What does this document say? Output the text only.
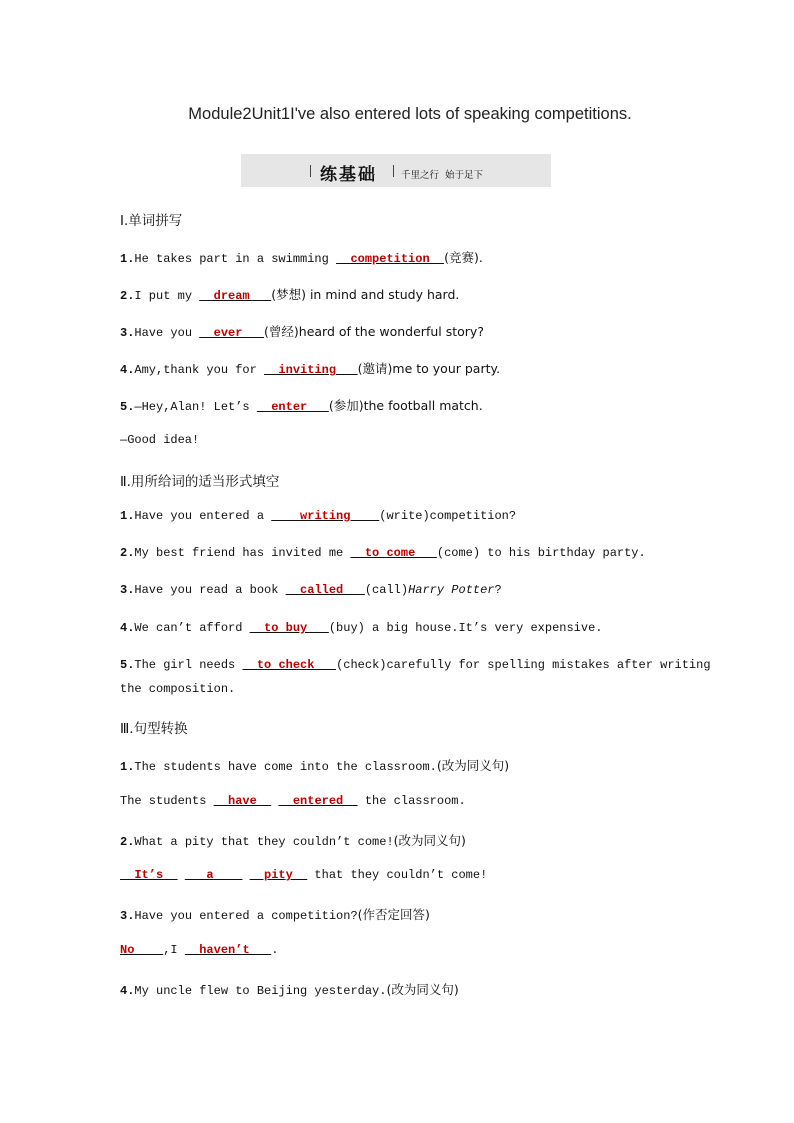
Module2Unit1I've also entered lots of speaking competitions.
练基础	千里之行  始于足下
Ⅰ.单词拼写
1.He takes part in a swimming   competition  (竞赛).
2.I put my   dream   (梦想) in mind and study hard.
3.Have you   ever   (曾经)heard of the wonderful story?
4.Amy,thank you for   inviting   (邀请)me to your party.
5.—Hey,Alan! Let’s   enter   (参加)the football match.
—Good idea!
Ⅱ.用所给词的适当形式填空
1.Have you entered a     writing    (write)competition?
2.My best friend has invited me   to come   (come) to his birthday party.
3.Have you read a book   called   (call)Harry Potter?
4.We can’t afford   to buy   (buy) a big house.It’s very expensive.
5.The girl needs   to check   (check)carefully for spelling mistakes after writing
the composition.
Ⅲ.句型转换
1.The students have come into the classroom.(改为同义句)
The students   have     entered   the classroom.
2.What a pity that they couldn’t come!(改为同义句)
It’s      a       pity   that they couldn’t come!
3.Have you entered a competition?(作否定回答)
No    ,I   haven’t   .
4.My uncle flew to Beijing yesterday.(改为同义句)
